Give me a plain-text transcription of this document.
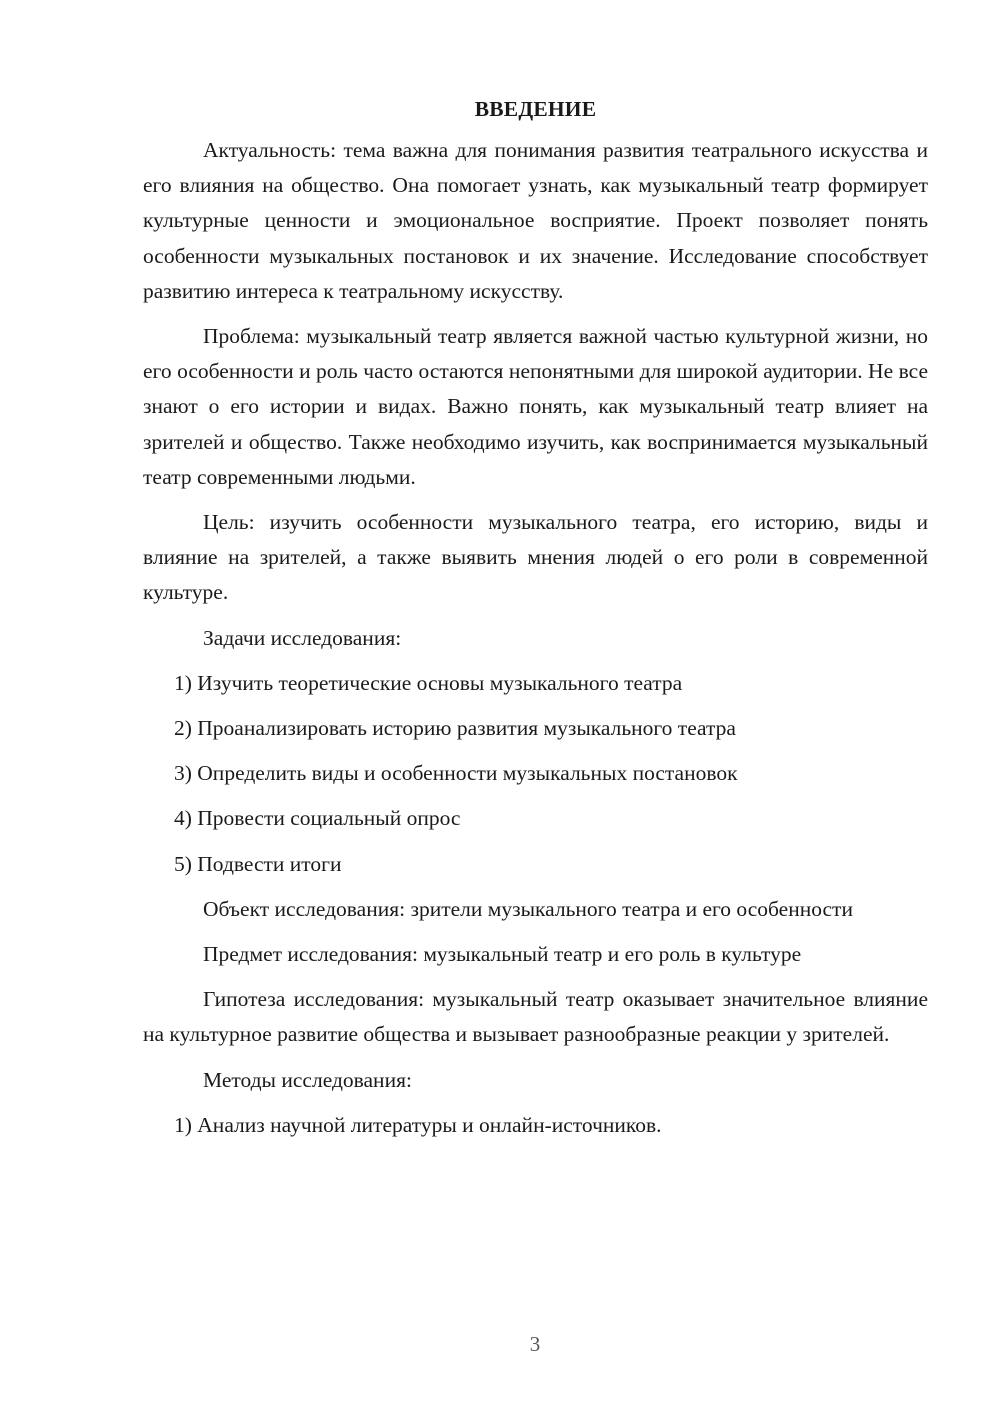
ВВЕДЕНИЕ

Актуальность: тема важна для понимания развития театрального искусства и его влияния на общество. Она помогает узнать, как музыкальный театр формирует культурные ценности и эмоциональное восприятие. Проект позволяет понять особенности музыкальных постановок и их значение. Исследование способствует развитию интереса к театральному искусству.

Проблема: музыкальный театр является важной частью культурной жизни, но его особенности и роль часто остаются непонятными для широкой аудитории. Не все знают о его истории и видах. Важно понять, как музыкальный театр влияет на зрителей и общество. Также необходимо изучить, как воспринимается музыкальный театр современными людьми.

Цель: изучить особенности музыкального театра, его историю, виды и влияние на зрителей, а также выявить мнения людей о его роли в современной культуре.

Задачи исследования:

1) Изучить теоретические основы музыкального театра

2) Проанализировать историю развития музыкального театра

3) Определить виды и особенности музыкальных постановок

4) Провести социальный опрос

5) Подвести итоги

Объект исследования: зрители музыкального театра и его особенности

Предмет исследования: музыкальный театр и его роль в культуре

Гипотеза исследования: музыкальный театр оказывает значительное влияние на культурное развитие общества и вызывает разнообразные реакции у зрителей.

Методы исследования:

1) Анализ научной литературы и онлайн-источников.

3
